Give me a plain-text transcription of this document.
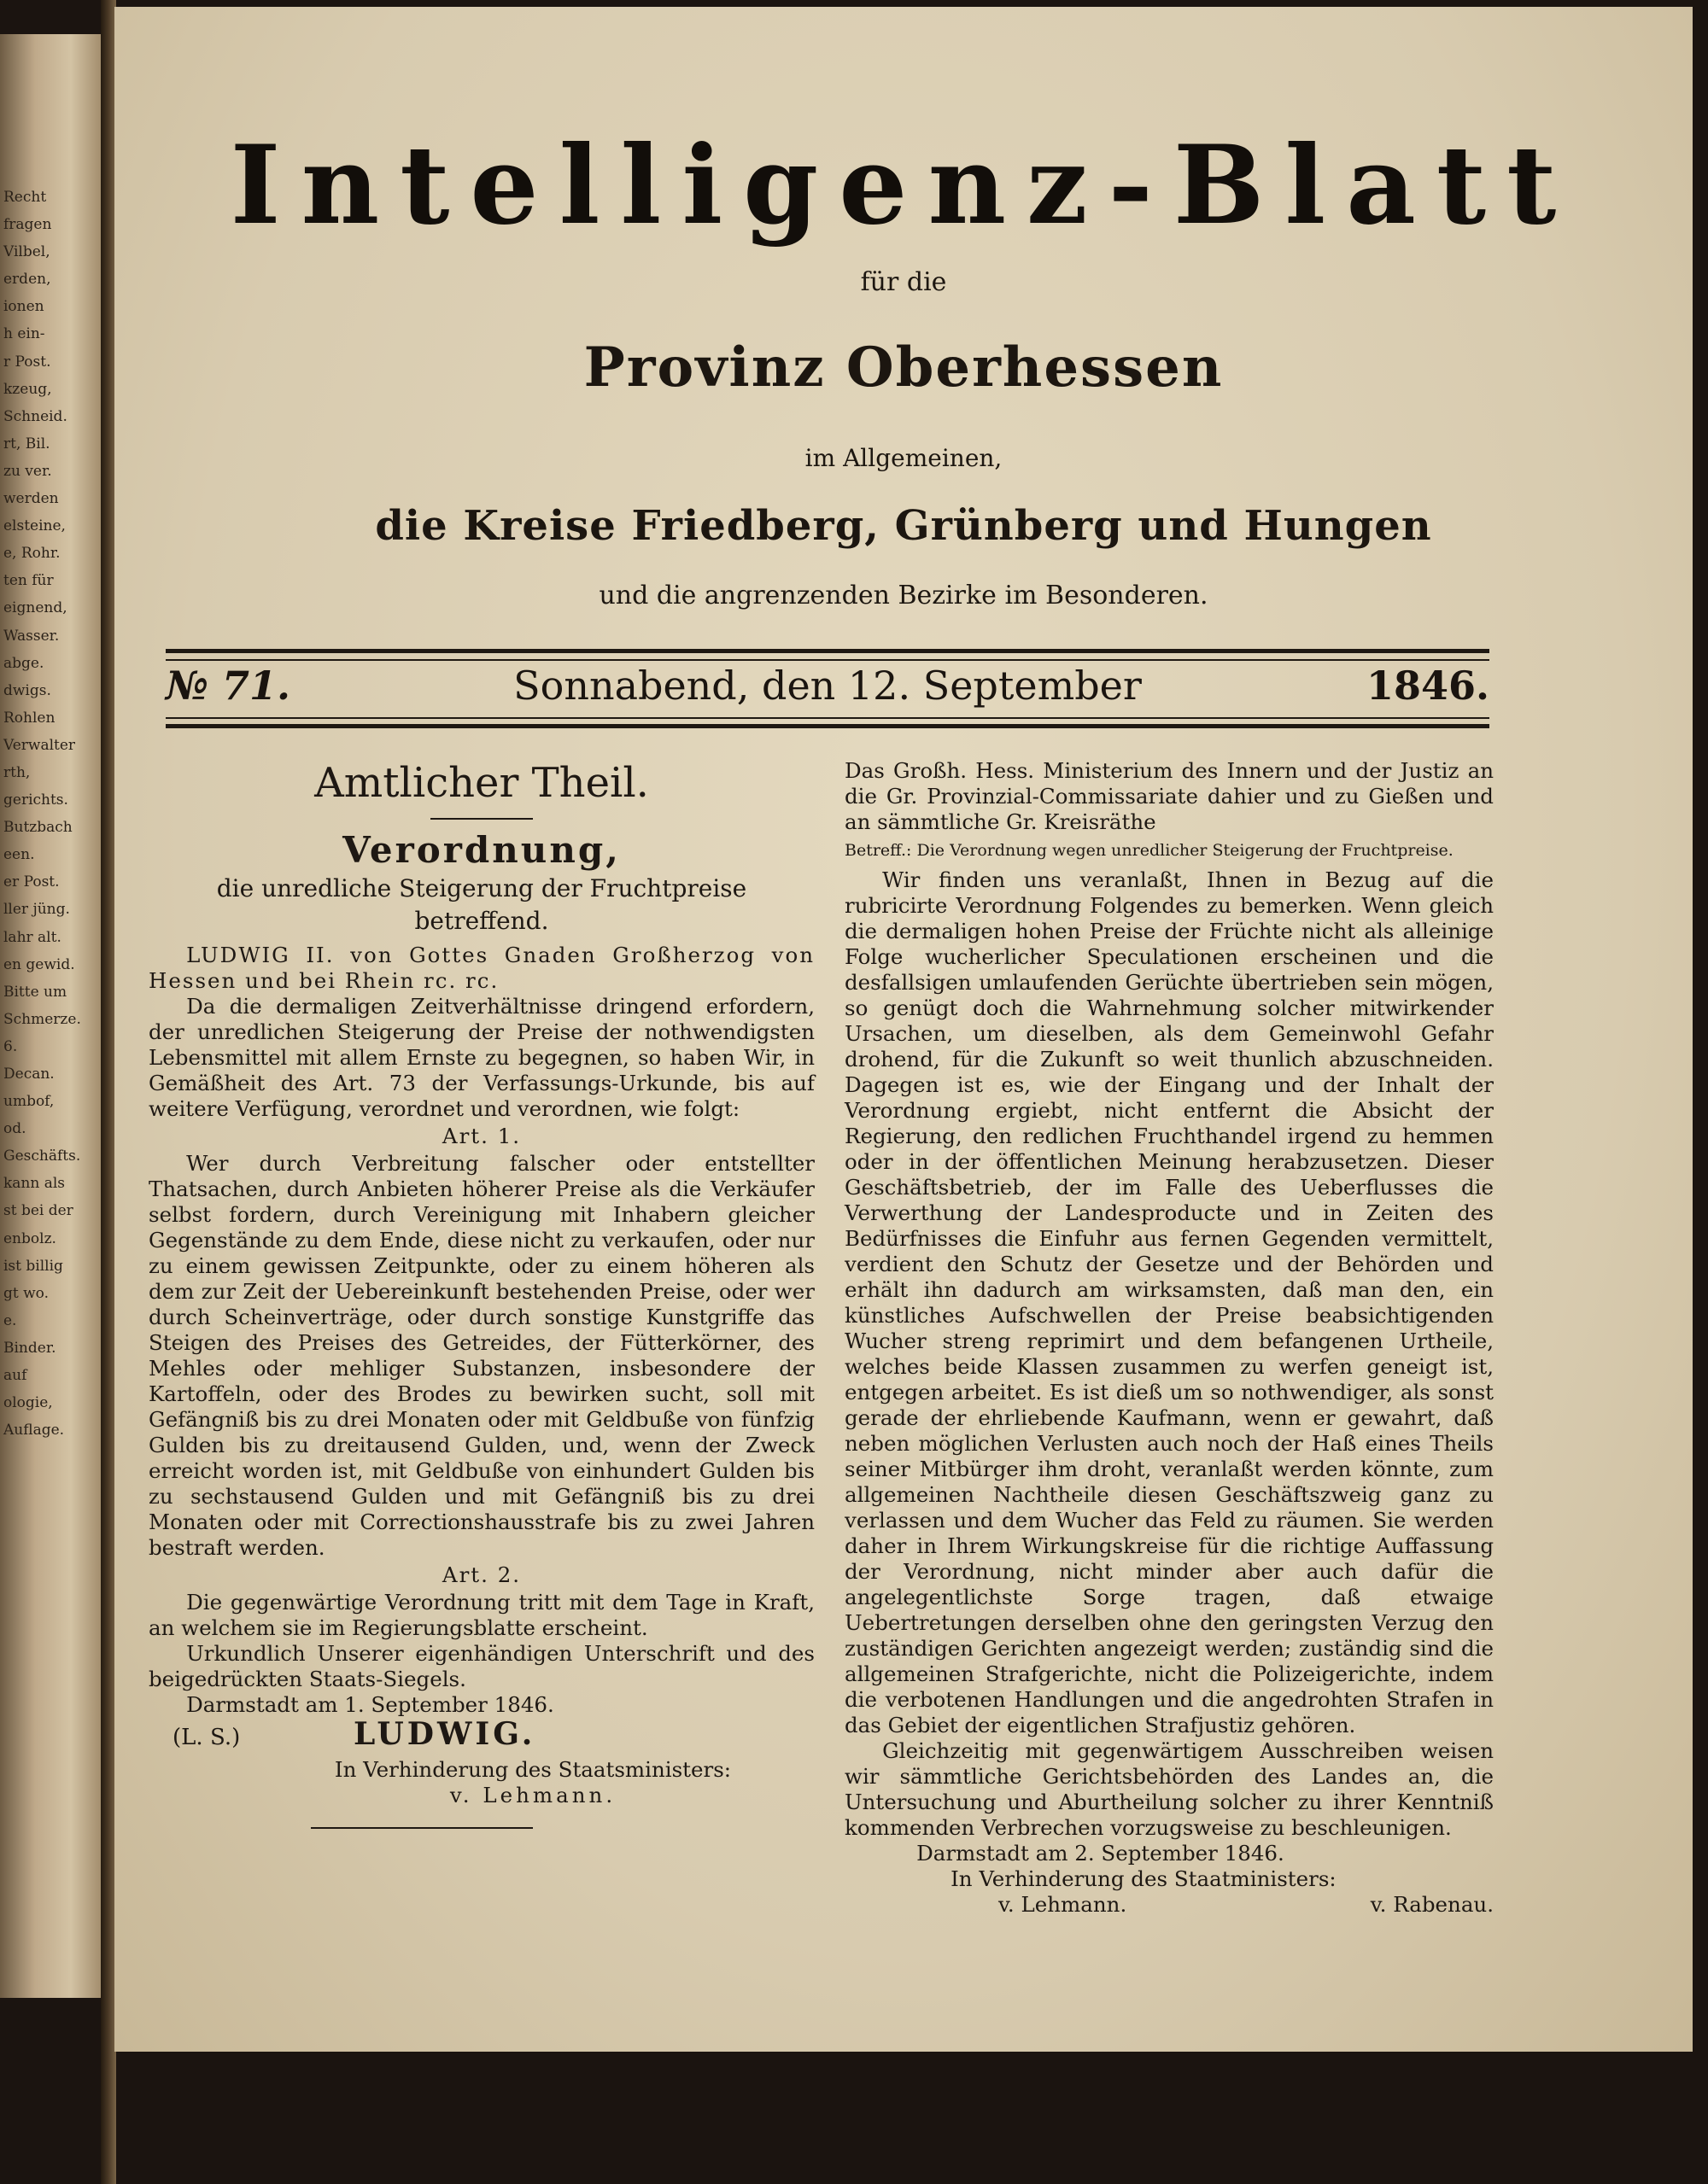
Recht
fragen
Vilbel,
erden,
ionen
h ein-
r Post.
kzeug,
Schneid.
rt, Bil.
zu ver.
werden
elsteine,
e, Rohr.
ten für
eignend,
Wasser.
abge.
dwigs.
Rohlen
Verwalter
rth,
gerichts.
Butzbach
een.
er Post.
ller jüng.
lahr alt.
en gewid.
Bitte um
Schmerze.
6.
Decan.
umbof,
od.
Geschäfts.
kann als
st bei der
enbolz.
ist billig
gt wo.
e.
Binder.
auf
ologie,
Auflage.
Intelligenz-Blatt
für die
Provinz Oberhessen
im Allgemeinen,
die Kreise Friedberg, Grünberg und Hungen
und die angrenzenden Bezirke im Besonderen.
№ 71.	Sonnabend, den 12. September	1846.

Amtlicher Theil.

Verordnung,

die unredliche Steigerung der Fruchtpreise betreffend.

LUDWIG II. von Gottes Gnaden Großherzog von Hessen und bei Rhein rc. rc.

Da die dermaligen Zeitverhältnisse dringend erfordern, der unredlichen Steigerung der Preise der nothwendigsten Lebensmittel mit allem Ernste zu begegnen, so haben Wir, in Gemäßheit des Art. 73 der Verfassungs-Urkunde, bis auf weitere Verfügung, verordnet und verordnen, wie folgt:

Art. 1.

Wer durch Verbreitung falscher oder entstellter Thatsachen, durch Anbieten höherer Preise als die Verkäufer selbst fordern, durch Vereinigung mit Inhabern gleicher Gegenstände zu dem Ende, diese nicht zu verkaufen, oder nur zu einem gewissen Zeitpunkte, oder zu einem höheren als dem zur Zeit der Uebereinkunft bestehenden Preise, oder wer durch Scheinverträge, oder durch sonstige Kunstgriffe das Steigen des Preises des Getreides, der Fütterkörner, des Mehles oder mehliger Substanzen, insbesondere der Kartoffeln, oder des Brodes zu bewirken sucht, soll mit Gefängniß bis zu drei Monaten oder mit Geldbuße von fünfzig Gulden bis zu dreitausend Gulden, und, wenn der Zweck erreicht worden ist, mit Geldbuße von einhundert Gulden bis zu sechstausend Gulden und mit Gefängniß bis zu drei Monaten oder mit Correctionshausstrafe bis zu zwei Jahren bestraft werden.

Art. 2.

Die gegenwärtige Verordnung tritt mit dem Tage in Kraft, an welchem sie im Regierungsblatte erscheint.

Urkundlich Unserer eigenhändigen Unterschrift und des beigedrückten Staats-Siegels.

Darmstadt am 1. September 1846.

(L. S.)	LUDWIG.

In Verhinderung des Staatsministers:

v. Lehmann.

Das Großh. Hess. Ministerium des Innern und der Justiz an die Gr. Provinzial-Commissariate dahier und zu Gießen und an sämmtliche Gr. Kreisräthe

Betreff.: Die Verordnung wegen unredlicher Steigerung der Fruchtpreise.

Wir finden uns veranlaßt, Ihnen in Bezug auf die rubricirte Verordnung Folgendes zu bemerken. Wenn gleich die dermaligen hohen Preise der Früchte nicht als alleinige Folge wucherlicher Speculationen erscheinen und die desfallsigen umlaufenden Gerüchte übertrieben sein mögen, so genügt doch die Wahrnehmung solcher mitwirkender Ursachen, um dieselben, als dem Gemeinwohl Gefahr drohend, für die Zukunft so weit thunlich abzuschneiden. Dagegen ist es, wie der Eingang und der Inhalt der Verordnung ergiebt, nicht entfernt die Absicht der Regierung, den redlichen Fruchthandel irgend zu hemmen oder in der öffentlichen Meinung herabzusetzen. Dieser Geschäftsbetrieb, der im Falle des Ueberflusses die Verwerthung der Landesproducte und in Zeiten des Bedürfnisses die Einfuhr aus fernen Gegenden vermittelt, verdient den Schutz der Gesetze und der Behörden und erhält ihn dadurch am wirksamsten, daß man den, ein künstliches Aufschwellen der Preise beabsichtigenden Wucher streng reprimirt und dem befangenen Urtheile, welches beide Klassen zusammen zu werfen geneigt ist, entgegen arbeitet. Es ist dieß um so nothwendiger, als sonst gerade der ehrliebende Kaufmann, wenn er gewahrt, daß neben möglichen Verlusten auch noch der Haß eines Theils seiner Mitbürger ihm droht, veranlaßt werden könnte, zum allgemeinen Nachtheile diesen Geschäftszweig ganz zu verlassen und dem Wucher das Feld zu räumen. Sie werden daher in Ihrem Wirkungskreise für die richtige Auffassung der Verordnung, nicht minder aber auch dafür die angelegentlichste Sorge tragen, daß etwaige Uebertretungen derselben ohne den geringsten Verzug den zuständigen Gerichten angezeigt werden; zuständig sind die allgemeinen Strafgerichte, nicht die Polizeigerichte, indem die verbotenen Handlungen und die angedrohten Strafen in das Gebiet der eigentlichen Strafjustiz gehören.

Gleichzeitig mit gegenwärtigem Ausschreiben weisen wir sämmtliche Gerichtsbehörden des Landes an, die Untersuchung und Aburtheilung solcher zu ihrer Kenntniß kommenden Verbrechen vorzugsweise zu beschleunigen.

Darmstadt am 2. September 1846.

In Verhinderung des Staatministers:

v. Lehmann.	v. Rabenau.
